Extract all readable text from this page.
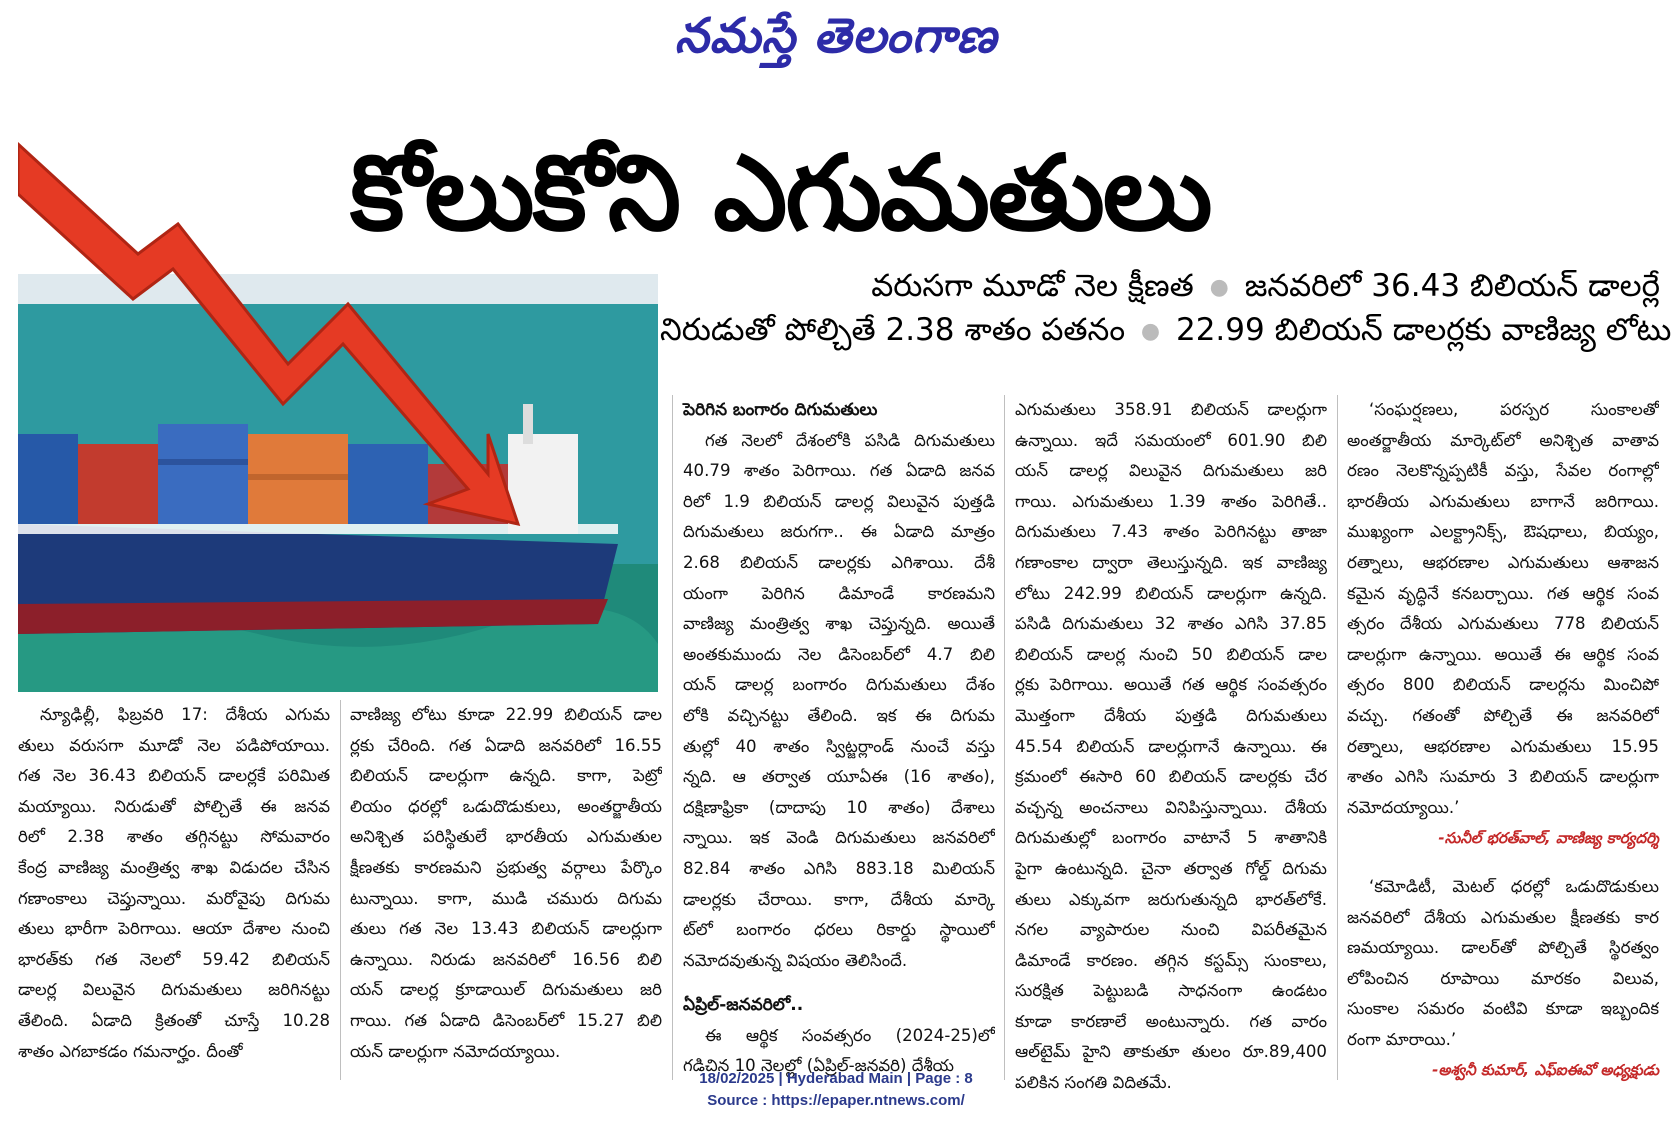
నమస్తే తెలంగాణ
కోలుకోని ఎగుమతులు
వరుసగా మూడో నెల క్షీణత ● జనవరిలో 36.43 బిలియన్ డాలర్లే
నిరుడుతో పోల్చితే 2.38 శాతం పతనం ● 22.99 బిలియన్ డాలర్లకు వాణిజ్య లోటు
న్యూఢిల్లీ, ఫిబ్రవరి 17: దేశీయ ఎగుమ
తులు వరుసగా మూడో నెల పడిపోయాయి.
గత నెల 36.43 బిలియన్ డాలర్లకే పరిమిత
మయ్యాయి. నిరుడుతో పోల్చితే ఈ జనవ
రిలో 2.38 శాతం తగ్గినట్టు సోమవారం
కేంద్ర వాణిజ్య మంత్రిత్వ శాఖ విడుదల చేసిన
గణాంకాలు చెప్తున్నాయి. మరోవైపు దిగుమ
తులు భారీగా పెరిగాయి. ఆయా దేశాల నుంచి
భారత్‌కు గత నెలలో 59.42 బిలియన్
డాలర్ల విలువైన దిగుమతులు జరిగినట్టు
తేలింది. ఏడాది క్రితంతో చూస్తే 10.28
శాతం ఎగబాకడం గమనార్హం. దీంతో
వాణిజ్య లోటు కూడా 22.99 బిలియన్ డాల
ర్లకు చేరింది. గత ఏడాది జనవరిలో 16.55
బిలియన్ డాలర్లుగా ఉన్నది. కాగా, పెట్రో
లియం ధరల్లో ఒడుదొడుకులు, అంతర్జాతీయ
అనిశ్చిత పరిస్థితులే భారతీయ ఎగుమతుల
క్షీణతకు కారణమని ప్రభుత్వ వర్గాలు పేర్కొం
టున్నాయి. కాగా, ముడి చమురు దిగుమ
తులు గత నెల 13.43 బిలియన్ డాలర్లుగా
ఉన్నాయి. నిరుడు జనవరిలో 16.56 బిలి
యన్ డాలర్ల క్రూడాయిల్ దిగుమతులు జరి
గాయి. గత ఏడాది డిసెంబర్‌లో 15.27 బిలి
యన్ డాలర్లుగా నమోదయ్యాయి.
పెరిగిన బంగారం దిగుమతులు
గత నెలలో దేశంలోకి పసిడి దిగుమతులు
40.79 శాతం పెరిగాయి. గత ఏడాది జనవ
రిలో 1.9 బిలియన్ డాలర్ల విలువైన పుత్తడి
దిగుమతులు జరుగగా.. ఈ ఏడాది మాత్రం
2.68 బిలియన్ డాలర్లకు ఎగిశాయి. దేశీ
యంగా పెరిగిన డిమాండే కారణమని
వాణిజ్య మంత్రిత్వ శాఖ చెప్తున్నది. అయితే
అంతకుముందు నెల డిసెంబర్‌లో 4.7 బిలి
యన్ డాలర్ల బంగారం దిగుమతులు దేశం
లోకి వచ్చినట్టు తేలింది. ఇక ఈ దిగుమ
తుల్లో 40 శాతం స్విట్జర్లాండ్ నుంచే వస్తు
న్నది. ఆ తర్వాత యూఏఈ (16 శాతం),
దక్షిణాఫ్రికా (దాదాపు 10 శాతం) దేశాలు
న్నాయి. ఇక వెండి దిగుమతులు జనవరిలో
82.84 శాతం ఎగిసి 883.18 మిలియన్
డాలర్లకు చేరాయి. కాగా, దేశీయ మార్కె
ట్‌లో బంగారం ధరలు రికార్డు స్థాయిలో
నమోదవుతున్న విషయం తెలిసిందే.
ఏప్రిల్-జనవరిలో..
ఈ ఆర్థిక సంవత్సరం (2024-25)లో
గడిచిన 10 నెలల్లో (ఏప్రిల్-జనవరి) దేశీయ
ఎగుమతులు 358.91 బిలియన్ డాలర్లుగా
ఉన్నాయి. ఇదే సమయంలో 601.90 బిలి
యన్ డాలర్ల విలువైన దిగుమతులు జరి
గాయి. ఎగుమతులు 1.39 శాతం పెరిగితే..
దిగుమతులు 7.43 శాతం పెరిగినట్టు తాజా
గణాంకాల ద్వారా తెలుస్తున్నది. ఇక వాణిజ్య
లోటు 242.99 బిలియన్ డాలర్లుగా ఉన్నది.
పసిడి దిగుమతులు 32 శాతం ఎగిసి 37.85
బిలియన్ డాలర్ల నుంచి 50 బిలియన్ డాల
ర్లకు పెరిగాయి. అయితే గత ఆర్థిక సంవత్సరం
మొత్తంగా దేశీయ పుత్తడి దిగుమతులు
45.54 బిలియన్ డాలర్లుగానే ఉన్నాయి. ఈ
క్రమంలో ఈసారి 60 బిలియన్ డాలర్లకు చేర
వచ్చన్న అంచనాలు వినిపిస్తున్నాయి. దేశీయ
దిగుమతుల్లో బంగారం వాటానే 5 శాతానికి
పైగా ఉంటున్నది. చైనా తర్వాత గోల్డ్ దిగుమ
తులు ఎక్కువగా జరుగుతున్నది భారత్‌లోకే.
నగల వ్యాపారుల నుంచి విపరీతమైన
డిమాండే కారణం. తగ్గిన కస్టమ్స్ సుంకాలు,
సురక్షిత పెట్టుబడి సాధనంగా ఉండటం
కూడా కారణాలే అంటున్నారు. గత వారం
ఆల్‌టైమ్ హైని తాకుతూ తులం రూ.89,400
పలికిన సంగతి విదితమే.
‘సంఘర్షణలు, పరస్పర సుంకాలతో
అంతర్జాతీయ మార్కెట్‌లో అనిశ్చిత వాతావ
రణం నెలకొన్నప్పటికీ వస్తు, సేవల రంగాల్లో
భారతీయ ఎగుమతులు బాగానే జరిగాయి.
ముఖ్యంగా ఎలక్ట్రానిక్స్, ఔషధాలు, బియ్యం,
రత్నాలు, ఆభరణాల ఎగుమతులు ఆశాజన
కమైన వృద్ధినే కనబర్చాయి. గత ఆర్థిక సంవ
త్సరం దేశీయ ఎగుమతులు 778 బిలియన్
డాలర్లుగా ఉన్నాయి. అయితే ఈ ఆర్థిక సంవ
త్సరం 800 బిలియన్ డాలర్లను మించిపో
వచ్చు. గతంతో పోల్చితే ఈ జనవరిలో
రత్నాలు, ఆభరణాల ఎగుమతులు 15.95
శాతం ఎగిసి సుమారు 3 బిలియన్ డాలర్లుగా
నమోదయ్యాయి.’
-సునీల్ భరత్‌వాల్, వాణిజ్య కార్యదర్శి
‘కమోడిటీ, మెటల్ ధరల్లో ఒడుదొడుకులు
జనవరిలో దేశీయ ఎగుమతుల క్షీణతకు కార
ణమయ్యాయి. డాలర్‌తో పోల్చితే స్థిరత్వం
లోపించిన రూపాయి మారకం విలువ,
సుంకాల సమరం వంటివి కూడా ఇబ్బందిక
రంగా మారాయి.’
-అశ్వనీ కుమార్, ఎఫ్ఐఈవో అధ్యక్షుడు
18/02/2025 | Hyderabad Main | Page : 8
Source : https://epaper.ntnews.com/
